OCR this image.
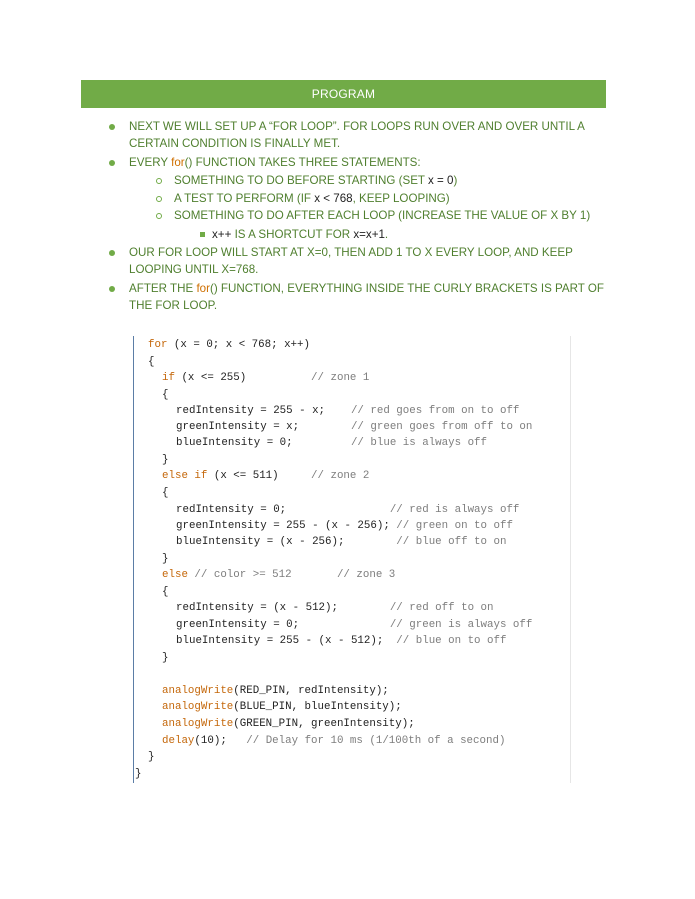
PROGRAM
NEXT WE WILL SET UP A “FOR LOOP”. FOR LOOPS RUN OVER AND OVER UNTIL A
CERTAIN CONDITION IS FINALLY MET.
EVERY for() FUNCTION TAKES THREE STATEMENTS:
SOMETHING TO DO BEFORE STARTING (SET x = 0)
A TEST TO PERFORM (IF x < 768, KEEP LOOPING)
SOMETHING TO DO AFTER EACH LOOP (INCREASE THE VALUE OF X BY 1)
x++ IS A SHORTCUT FOR x=x+1.
OUR FOR LOOP WILL START AT X=0, THEN ADD 1 TO X EVERY LOOP, AND KEEP
LOOPING UNTIL X=768.
AFTER THE for() FUNCTION, EVERYTHING INSIDE THE CURLY BRACKETS IS PART OF
THE FOR LOOP.
for (x = 0; x < 768; x++)
{
if (x <= 255)          // zone 1
{
redIntensity = 255 - x;    // red goes from on to off
greenIntensity = x;        // green goes from off to on
blueIntensity = 0;         // blue is always off
}
else if (x <= 511)     // zone 2
{
redIntensity = 0;                // red is always off
greenIntensity = 255 - (x - 256); // green on to off
blueIntensity = (x - 256);        // blue off to on
}
else // color >= 512       // zone 3
{
redIntensity = (x - 512);        // red off to on
greenIntensity = 0;              // green is always off
blueIntensity = 255 - (x - 512);  // blue on to off
}
analogWrite(RED_PIN, redIntensity);
analogWrite(BLUE_PIN, blueIntensity);
analogWrite(GREEN_PIN, greenIntensity);
delay(10);   // Delay for 10 ms (1/100th of a second)
}
}
